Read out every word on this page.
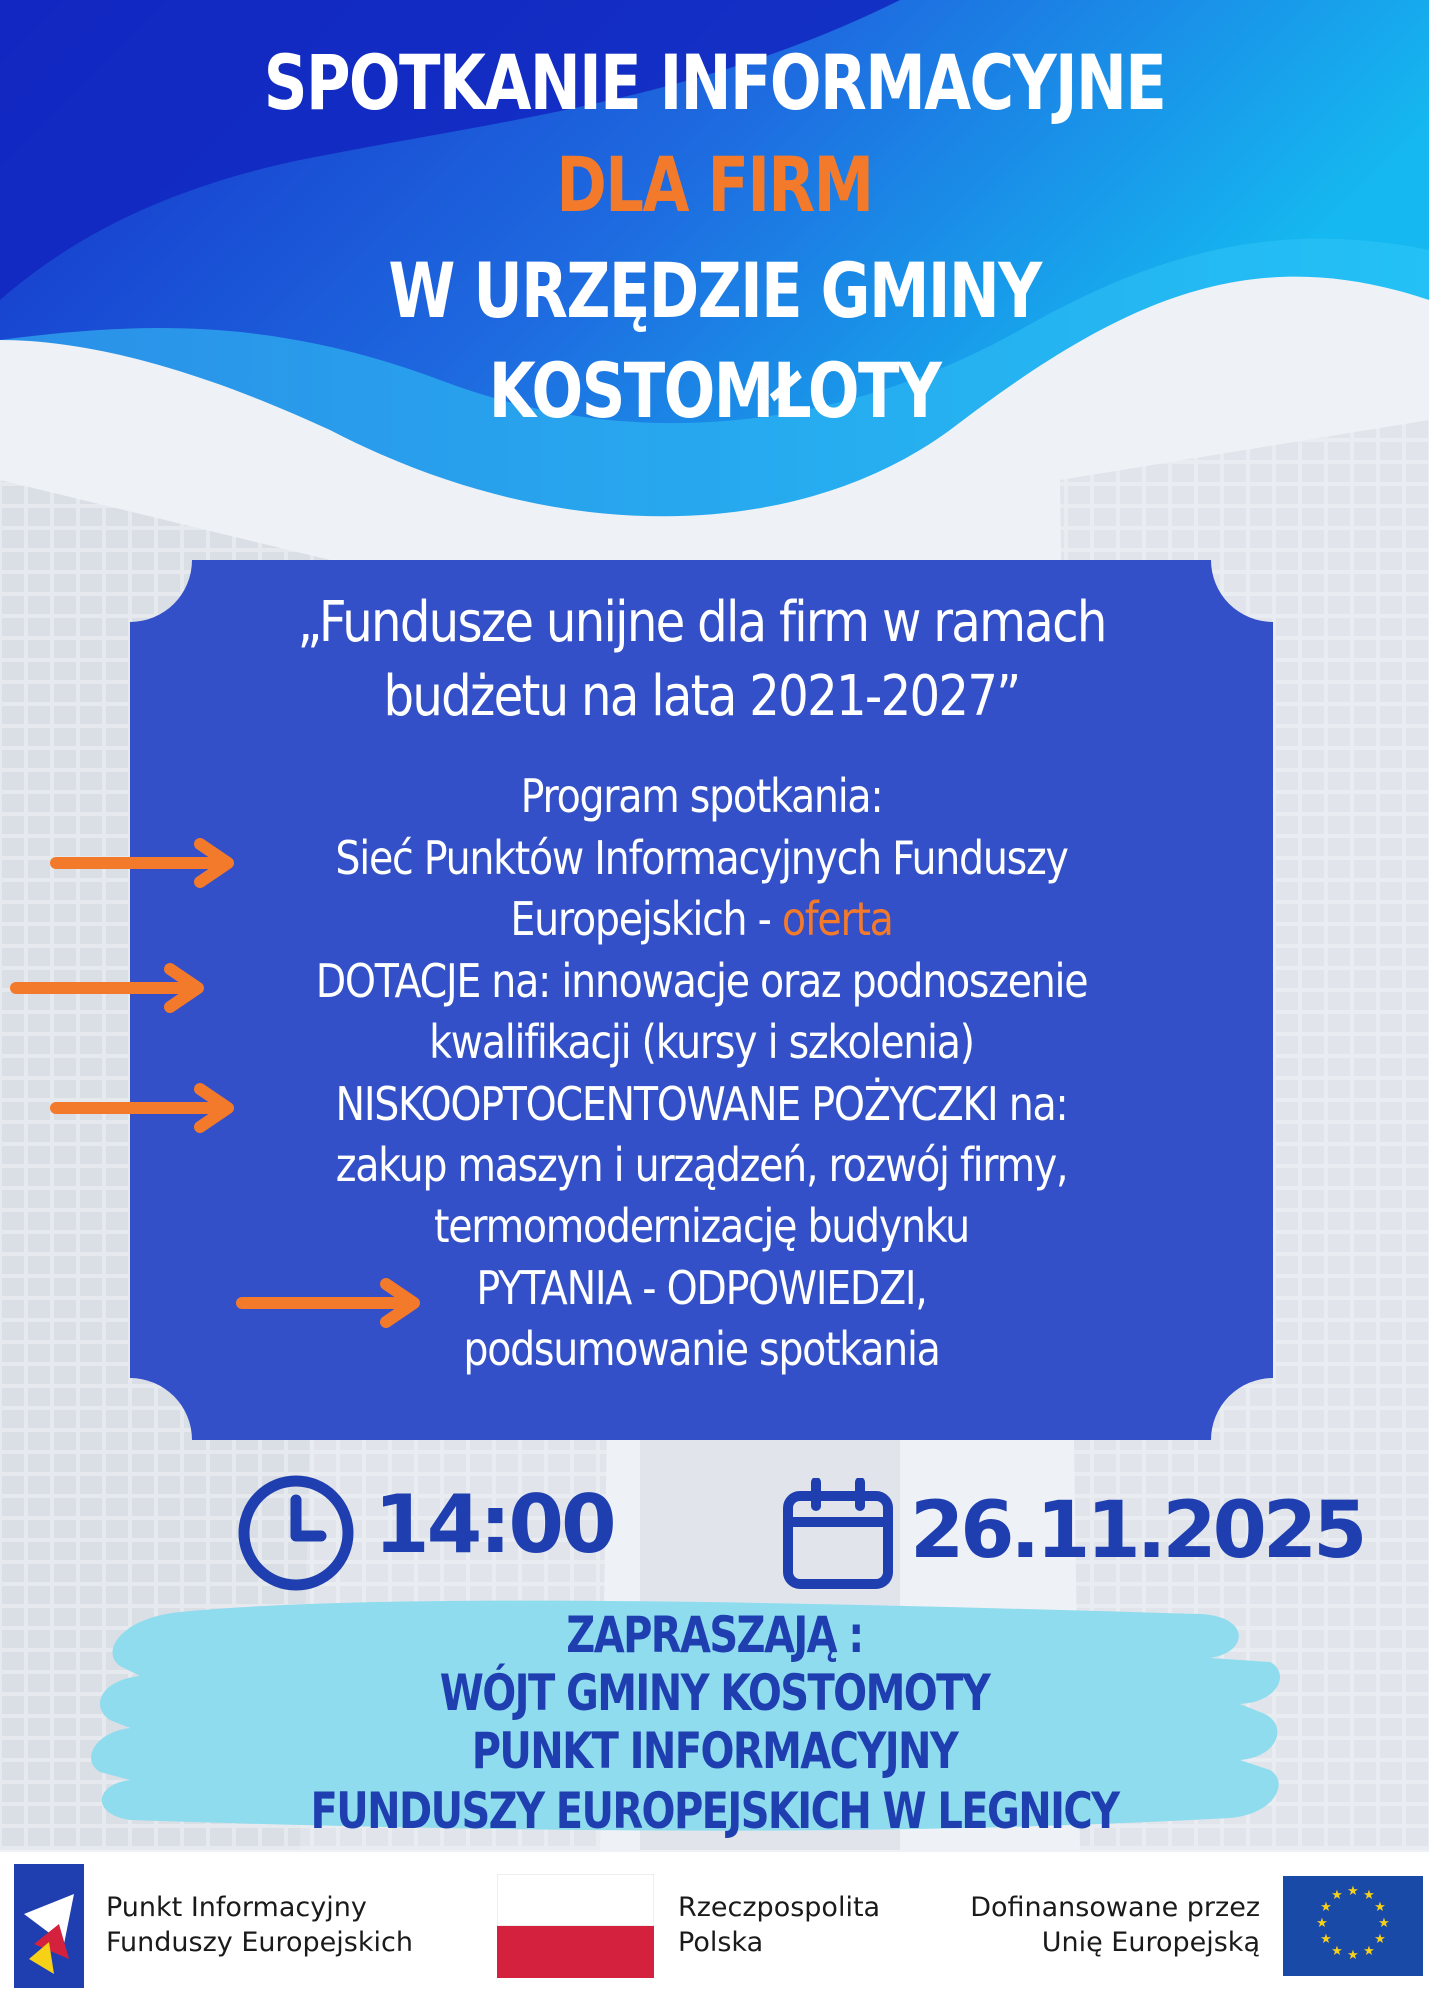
SPOTKANIE INFORMACYJNE
DLA FIRM
W URZĘDZIE GMINY
KOSTOMŁOTY
„Fundusze unijne dla firm w ramach
budżetu na lata 2021-2027”
Program spotkania:
Sieć Punktów Informacyjnych Funduszy
Europejskich - oferta
DOTACJE na: innowacje oraz podnoszenie
kwalifikacji (kursy i szkolenia)
NISKOOPTOCENTOWANE POŻYCZKI na:
zakup maszyn i urządzeń, rozwój firmy,
termomodernizację budynku
PYTANIA - ODPOWIEDZI,
podsumowanie spotkania
14:00	26.11.2025
ZAPRASZAJĄ :
WÓJT GMINY KOSTOMOTY
PUNKT INFORMACYJNY
FUNDUSZY EUROPEJSKICH W LEGNICY
Punkt Informacyjny
Funduszy Europejskich
Rzeczpospolita
Polska
Dofinansowane przez
Unię Europejską
★ ★
★
★
★
★
★
★
★
★
★
★
